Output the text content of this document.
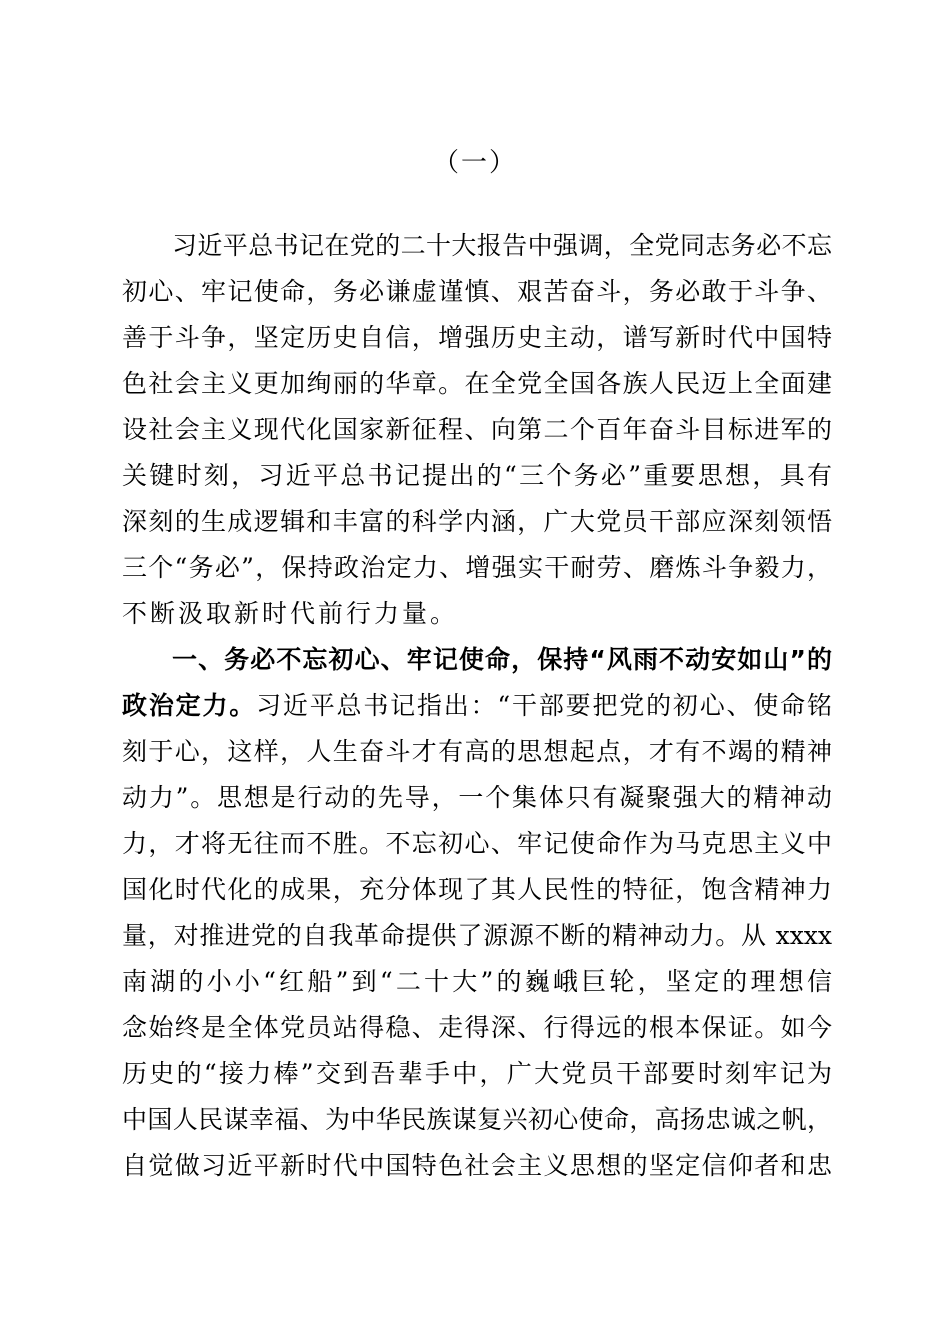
（一）
习近平总书记在党的二十大报告中强调，全党同志务必不忘
初心、牢记使命，务必谦虚谨慎、艰苦奋斗，务必敢于斗争、
善于斗争，坚定历史自信，增强历史主动，谱写新时代中国特
色社会主义更加绚丽的华章。在全党全国各族人民迈上全面建
设社会主义现代化国家新征程、向第二个百年奋斗目标进军的
关键时刻，习近平总书记提出的“三个务必”重要思想，具有
深刻的生成逻辑和丰富的科学内涵，广大党员干部应深刻领悟
三个“务必”，保持政治定力、增强实干耐劳、磨炼斗争毅力，
不断汲取新时代前行力量。
一、务必不忘初心、牢记使命，保持“风雨不动安如山”的
政治定力。习近平总书记指出：“干部要把党的初心、使命铭
刻于心，这样，人生奋斗才有高的思想起点，才有不竭的精神
动力”。思想是行动的先导，一个集体只有凝聚强大的精神动
力，才将无往而不胜。不忘初心、牢记使命作为马克思主义中
国化时代化的成果，充分体现了其人民性的特征，饱含精神力
量，对推进党的自我革命提供了源源不断的精神动力。从 xxxx
南湖的小小“红船”到“二十大”的巍峨巨轮，坚定的理想信
念始终是全体党员站得稳、走得深、行得远的根本保证。如今
历史的“接力棒”交到吾辈手中，广大党员干部要时刻牢记为
中国人民谋幸福、为中华民族谋复兴初心使命，高扬忠诚之帆，
自觉做习近平新时代中国特色社会主义思想的坚定信仰者和忠
